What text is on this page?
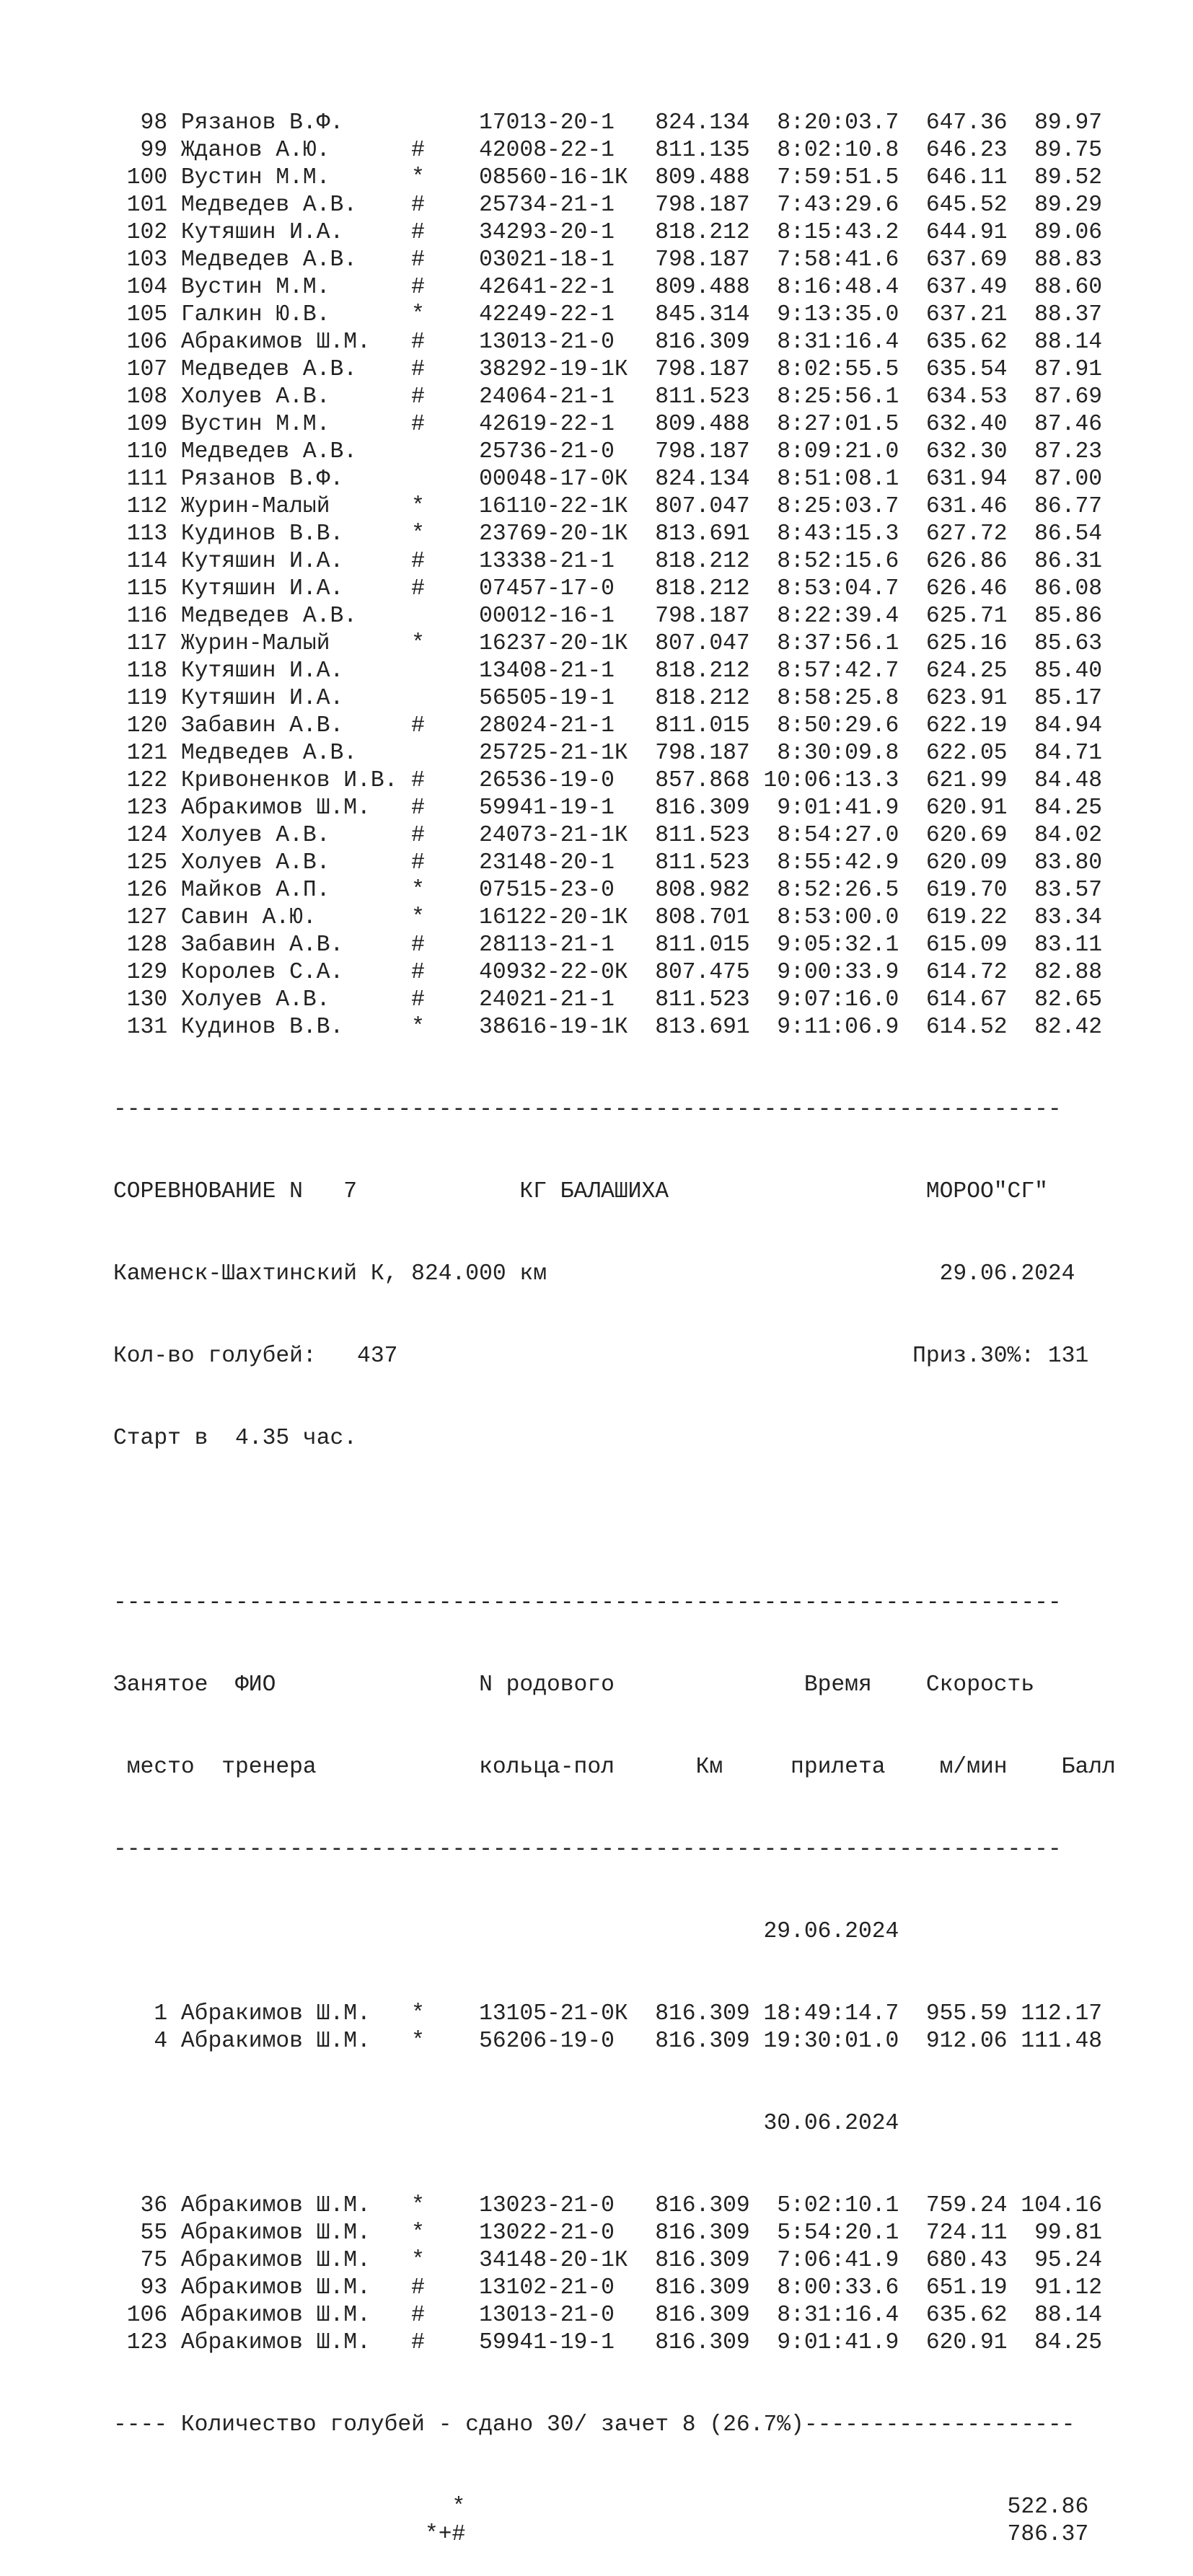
98 Рязанов В.Ф.          17013-20-1   824.134  8:20:03.7  647.36  89.97
99 Жданов А.Ю.      #    42008-22-1   811.135  8:02:10.8  646.23  89.75
100 Вустин М.М.      *    08560-16-1К  809.488  7:59:51.5  646.11  89.52
101 Медведев А.В.    #    25734-21-1   798.187  7:43:29.6  645.52  89.29
102 Кутяшин И.А.     #    34293-20-1   818.212  8:15:43.2  644.91  89.06
103 Медведев А.В.    #    03021-18-1   798.187  7:58:41.6  637.69  88.83
104 Вустин М.М.      #    42641-22-1   809.488  8:16:48.4  637.49  88.60
105 Галкин Ю.В.      *    42249-22-1   845.314  9:13:35.0  637.21  88.37
106 Абракимов Ш.М.   #    13013-21-0   816.309  8:31:16.4  635.62  88.14
107 Медведев А.В.    #    38292-19-1К  798.187  8:02:55.5  635.54  87.91
108 Холуев А.В.      #    24064-21-1   811.523  8:25:56.1  634.53  87.69
109 Вустин М.М.      #    42619-22-1   809.488  8:27:01.5  632.40  87.46
110 Медведев А.В.         25736-21-0   798.187  8:09:21.0  632.30  87.23
111 Рязанов В.Ф.          00048-17-0К  824.134  8:51:08.1  631.94  87.00
112 Журин-Малый      *    16110-22-1К  807.047  8:25:03.7  631.46  86.77
113 Кудинов В.В.     *    23769-20-1К  813.691  8:43:15.3  627.72  86.54
114 Кутяшин И.А.     #    13338-21-1   818.212  8:52:15.6  626.86  86.31
115 Кутяшин И.А.     #    07457-17-0   818.212  8:53:04.7  626.46  86.08
116 Медведев А.В.         00012-16-1   798.187  8:22:39.4  625.71  85.86
117 Журин-Малый      *    16237-20-1К  807.047  8:37:56.1  625.16  85.63
118 Кутяшин И.А.          13408-21-1   818.212  8:57:42.7  624.25  85.40
119 Кутяшин И.А.          56505-19-1   818.212  8:58:25.8  623.91  85.17
120 Забавин А.В.     #    28024-21-1   811.015  8:50:29.6  622.19  84.94
121 Медведев А.В.         25725-21-1К  798.187  8:30:09.8  622.05  84.71
122 Кривоненков И.В. #    26536-19-0   857.868 10:06:13.3  621.99  84.48
123 Абракимов Ш.М.   #    59941-19-1   816.309  9:01:41.9  620.91  84.25
124 Холуев А.В.      #    24073-21-1К  811.523  8:54:27.0  620.69  84.02
125 Холуев А.В.      #    23148-20-1   811.523  8:55:42.9  620.09  83.80
126 Майков А.П.      *    07515-23-0   808.982  8:52:26.5  619.70  83.57
127 Савин А.Ю.       *    16122-20-1К  808.701  8:53:00.0  619.22  83.34
128 Забавин А.В.     #    28113-21-1   811.015  9:05:32.1  615.09  83.11
129 Королев С.А.     #    40932-22-0К  807.475  9:00:33.9  614.72  82.88
130 Холуев А.В.      #    24021-21-1   811.523  9:07:16.0  614.67  82.65
131 Кудинов В.В.     *    38616-19-1К  813.691  9:11:06.9  614.52  82.42

----------------------------------------------------------------------

СОРЕВНОВАНИЕ N   7            КГ БАЛАШИХА                   МОРОО"СГ"

Каменск-Шахтинский К, 824.000 км                             29.06.2024

Кол-во голубей:   437                                      Приз.30%: 131

Старт в  4.35 час.

----------------------------------------------------------------------

Занятое  ФИО               N родового              Время    Скорость

место  тренера            кольца-пол      Км     прилета    м/мин    Балл

----------------------------------------------------------------------

29.06.2024

1 Абракимов Ш.М.   *    13105-21-0К  816.309 18:49:14.7  955.59 112.17
4 Абракимов Ш.М.   *    56206-19-0   816.309 19:30:01.0  912.06 111.48

30.06.2024

36 Абракимов Ш.М.   *    13023-21-0   816.309  5:02:10.1  759.24 104.16
55 Абракимов Ш.М.   *    13022-21-0   816.309  5:54:20.1  724.11  99.81
75 Абракимов Ш.М.   *    34148-20-1К  816.309  7:06:41.9  680.43  95.24
93 Абракимов Ш.М.   #    13102-21-0   816.309  8:00:33.6  651.19  91.12
106 Абракимов Ш.М.   #    13013-21-0   816.309  8:31:16.4  635.62  88.14
123 Абракимов Ш.М.   #    59941-19-1   816.309  9:01:41.9  620.91  84.25

---- Количество голубей - сдано 30/ зачет 8 (26.7%)--------------------

*                                        522.86
*+#                                        786.37
